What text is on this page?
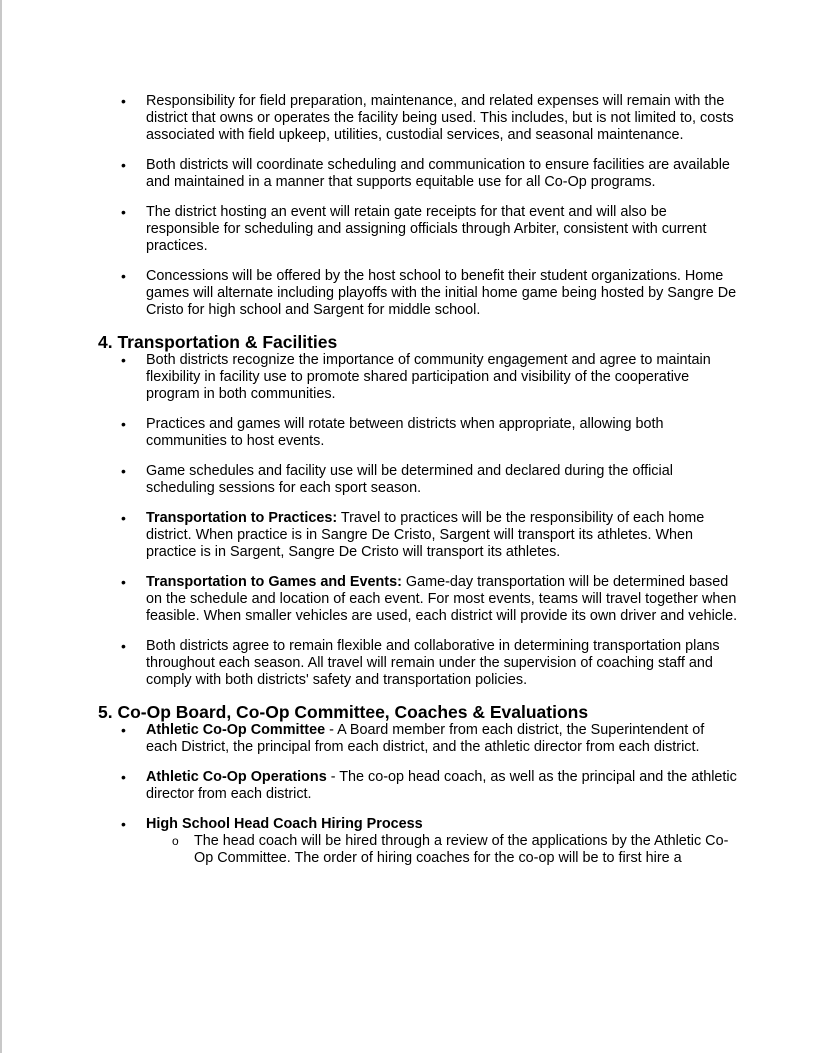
• Responsibility for field preparation, maintenance, and related expenses will remain with the district that owns or operates the facility being used. This includes, but is not limited to, costs associated with field upkeep, utilities, custodial services, and seasonal maintenance.
• Both districts will coordinate scheduling and communication to ensure facilities are available and maintained in a manner that supports equitable use for all Co-Op programs.
• The district hosting an event will retain gate receipts for that event and will also be responsible for scheduling and assigning officials through Arbiter, consistent with current practices.
• Concessions will be offered by the host school to benefit their student organizations. Home games will alternate including playoffs with the initial home game being hosted by Sangre De Cristo for high school and Sargent for middle school.
4. Transportation & Facilities
• Both districts recognize the importance of community engagement and agree to maintain flexibility in facility use to promote shared participation and visibility of the cooperative program in both communities.
• Practices and games will rotate between districts when appropriate, allowing both communities to host events.
• Game schedules and facility use will be determined and declared during the official scheduling sessions for each sport season.
• Transportation to Practices: Travel to practices will be the responsibility of each home district. When practice is in Sangre De Cristo, Sargent will transport its athletes. When practice is in Sargent, Sangre De Cristo will transport its athletes.
• Transportation to Games and Events: Game-day transportation will be determined based on the schedule and location of each event. For most events, teams will travel together when feasible. When smaller vehicles are used, each district will provide its own driver and vehicle.
• Both districts agree to remain flexible and collaborative in determining transportation plans throughout each season. All travel will remain under the supervision of coaching staff and comply with both districts' safety and transportation policies.
5. Co-Op Board, Co-Op Committee, Coaches & Evaluations
• Athletic Co-Op Committee - A Board member from each district, the Superintendent of each District, the principal from each district, and the athletic director from each district.
• Athletic Co-Op Operations - The co-op head coach, as well as the principal and the athletic director from each district.
• High School Head Coach Hiring Process
o The head coach will be hired through a review of the applications by the Athletic Co-Op Committee. The order of hiring coaches for the co-op will be to first hire a
